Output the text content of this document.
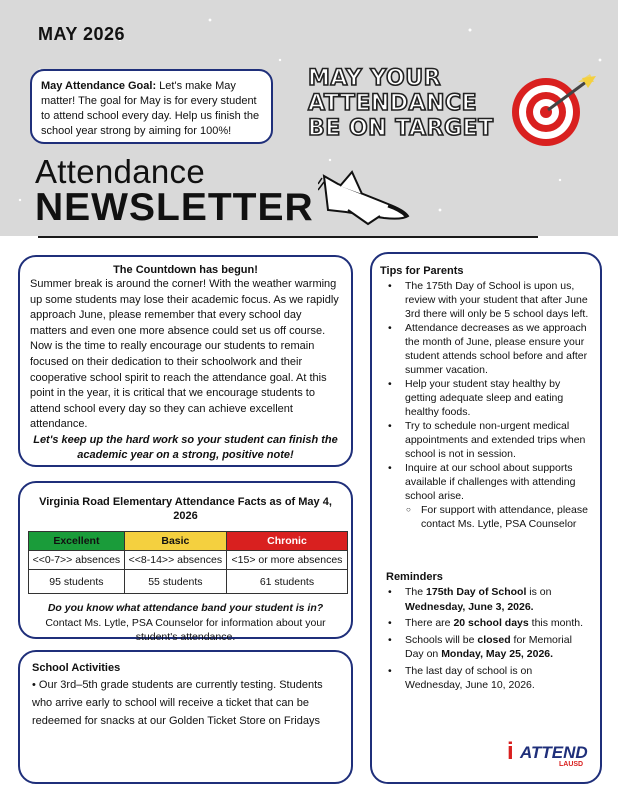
MAY 2026
May Attendance Goal: Let's make May matter! The goal for May is for every student to attend school every day. Help us finish the school year strong by aiming for 100%!
MAY YOUR
ATTENDANCE
BE ON TARGET
Attendance
NEWSLETTER
The Countdown has begun!

Summer break is around the corner! With the weather warming up some students may lose their academic focus. As we rapidly approach June, please remember that every school day matters and even one more absence could set us off course. Now is the time to really encourage our students to remain focused on their dedication to their schoolwork and their cooperative school spirit to reach the attendance goal. At this point in the year, it is critical that we encourage students to attend school every day so they can achieve excellent attendance.

Let's keep up the hard work so your student can finish the academic year on a strong, positive note!
Virginia Road Elementary Attendance Facts as of May 4, 2026
Excellent	Basic	Chronic
<<0-7>> absences	<<8-14>> absences	<15> or more absences
95 students	55 students	61 students
Do you know what attendance band your student is in?
Contact Ms. Lytle, PSA Counselor for information about your student's attendance.
School Activities

• Our 3rd–5th grade students are currently testing. Students who arrive early to school will receive a ticket that can be redeemed for snacks at our Golden Ticket Store on Fridays

Tips for Parents
• The 175th Day of School is upon us, review with your student that after June 3rd there will only be 5 school days left.
• Attendance decreases as we approach the month of June, please ensure your student attends school before and after summer vacation.
• Help your student stay healthy by getting adequate sleep and eating healthy foods.
• Try to schedule non-urgent medical appointments and extended trips when school is not in session.
• Inquire at our school about supports available if challenges with attending school arise.
○ For support with attendance, please contact Ms. Lytle, PSA Counselor
Reminders
• The 175th Day of School is on Wednesday, June 3, 2026.
• There are 20 school days this month.
• Schools will be closed for Memorial Day on Monday, May 25, 2026.
• The last day of school is on Wednesday, June 10, 2026.
i ATTEND
LAUSD
